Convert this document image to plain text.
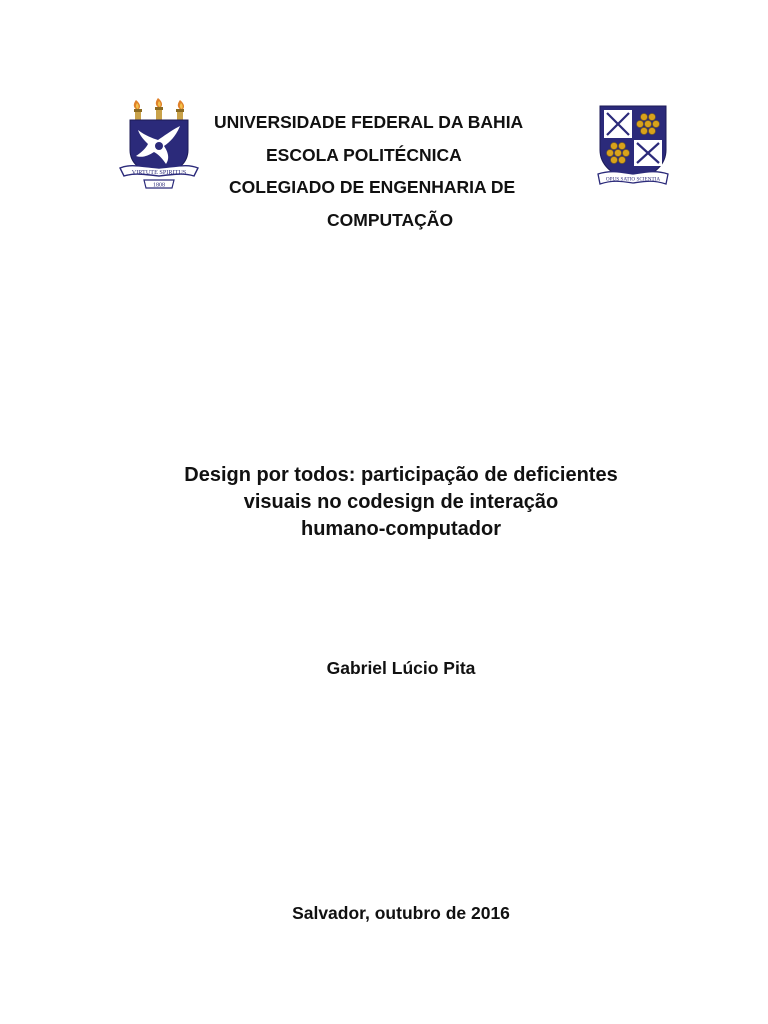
VIRTUTE SPIRITUS
1808
OPUS SATIO SCIENTIA
UNIVERSIDADE FEDERAL DA BAHIA
ESCOLA POLITÉCNICA
COLEGIADO DE ENGENHARIA DE
COMPUTAÇÃO
Design por todos: participação de deficientes
visuais no codesign de interação
humano-computador
Gabriel Lúcio Pita
Salvador, outubro de 2016
